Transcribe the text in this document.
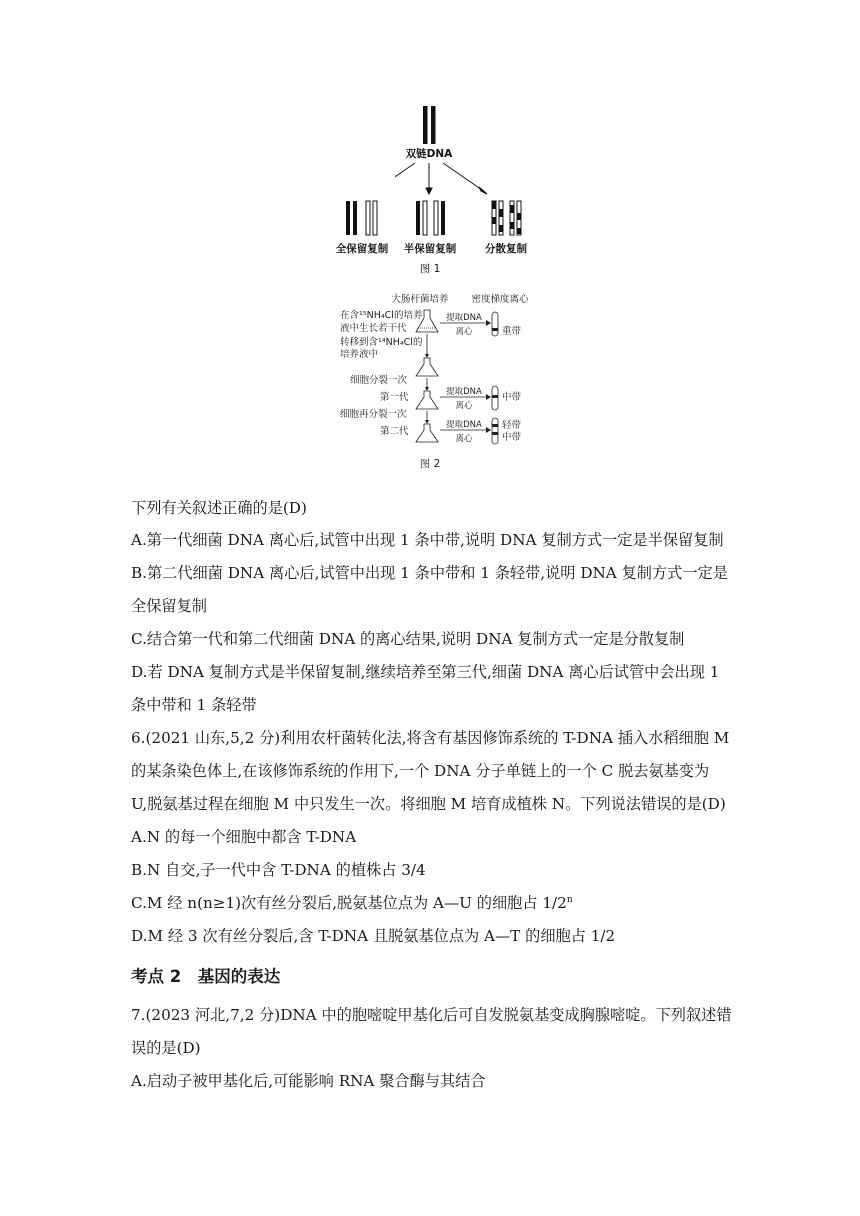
双链DNA
全保留复制 半保留复制	分散复制
图 1
大肠杆菌培养 密度梯度离心
在含¹⁵NH₄Cl的培养
液中生长若干代
转移到含¹⁴NH₄Cl的
培养液中
提取DNA
离心	重带
细胞分裂一次
第一代	提取DNA
离心
中带
细胞再分裂一次
第二代
提取DNA
离心
轻带
中带
图 2
下列有关叙述正确的是(D)
A.第一代细菌 DNA 离心后,试管中出现 1 条中带,说明 DNA 复制方式一定是半保留复制
B.第二代细菌 DNA 离心后,试管中出现 1 条中带和 1 条轻带,说明 DNA 复制方式一定是
全保留复制
C.结合第一代和第二代细菌 DNA 的离心结果,说明 DNA 复制方式一定是分散复制
D.若 DNA 复制方式是半保留复制,继续培养至第三代,细菌 DNA 离心后试管中会出现 1
条中带和 1 条轻带
6.(2021 山东,5,2 分)利用农杆菌转化法,将含有基因修饰系统的 T-DNA 插入水稻细胞 M
的某条染色体上,在该修饰系统的作用下,一个 DNA 分子单链上的一个 C 脱去氨基变为
U,脱氨基过程在细胞 M 中只发生一次。将细胞 M 培育成植株 N。下列说法错误的是(D)
A.N 的每一个细胞中都含 T-DNA
B.N 自交,子一代中含 T-DNA 的植株占 3/4
C.M 经 n(n≥1)次有丝分裂后,脱氨基位点为 A—U 的细胞占 1/2$^n$
D.M 经 3 次有丝分裂后,含 T-DNA 且脱氨基位点为 A—T 的细胞占 1/2
考点 2　基因的表达
7.(2023 河北,7,2 分)DNA 中的胞嘧啶甲基化后可自发脱氨基变成胸腺嘧啶。下列叙述错
误的是(D)
A.启动子被甲基化后,可能影响 RNA 聚合酶与其结合
